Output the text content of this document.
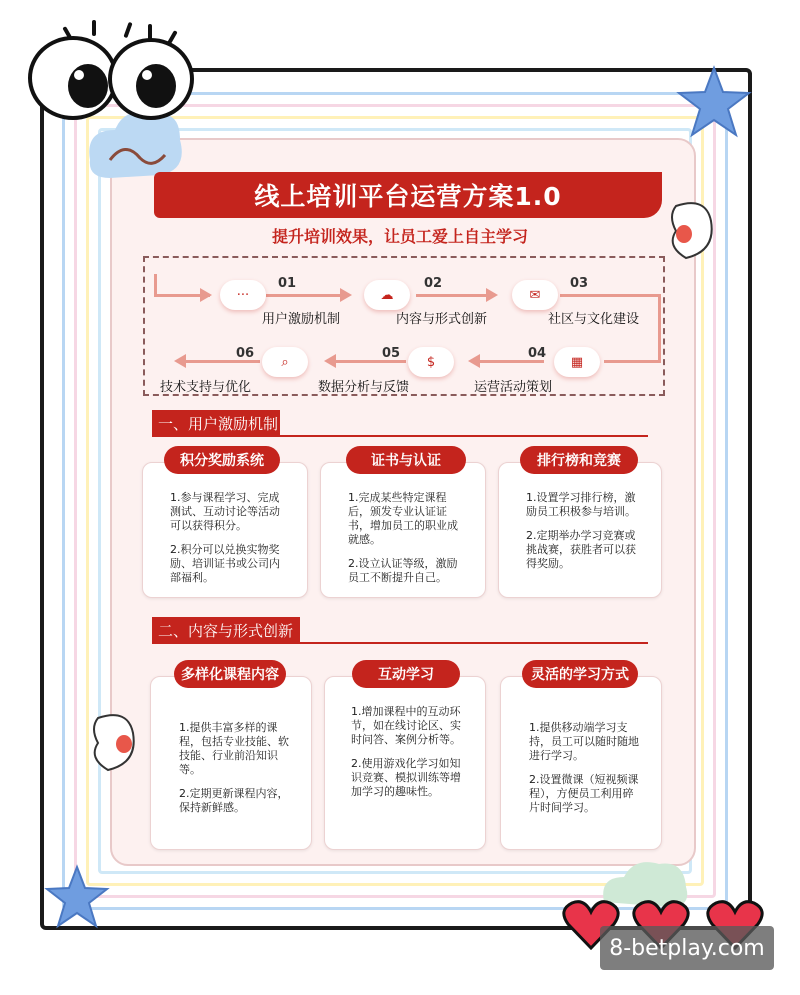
线上培训平台运营方案1.0
提升培训效果，让员工爱上自主学习
···
01
用户激励机制
☁
02
内容与形式创新
✉
03
社区与文化建设
▦
04
运营活动策划
$
05
数据分析与反馈
⌕
06
技术支持与优化
一、用户激励机制

1.参与课程学习、完成测试、互动讨论等活动可以获得积分。

2.积分可以兑换实物奖励、培训证书或公司内部福利。

积分奖励系统

1.完成某些特定课程后，颁发专业认证证书，增加员工的职业成就感。

2.设立认证等级，激励员工不断提升自己。

证书与认证

1.设置学习排行榜，激励员工积极参与培训。

2.定期举办学习竞赛或挑战赛，获胜者可以获得奖励。

排行榜和竞赛
二、内容与形式创新

1.提供丰富多样的课程，包括专业技能、软技能、行业前沿知识等。

2.定期更新课程内容，保持新鲜感。

多样化课程内容

1.增加课程中的互动环节，如在线讨论区、实时问答、案例分析等。

2.使用游戏化学习如知识竞赛、模拟训练等增加学习的趣味性。

互动学习

1.提供移动端学习支持，员工可以随时随地进行学习。

2.设置微课（短视频课程），方便员工利用碎片时间学习。

灵活的学习方式
8-betplay.com
